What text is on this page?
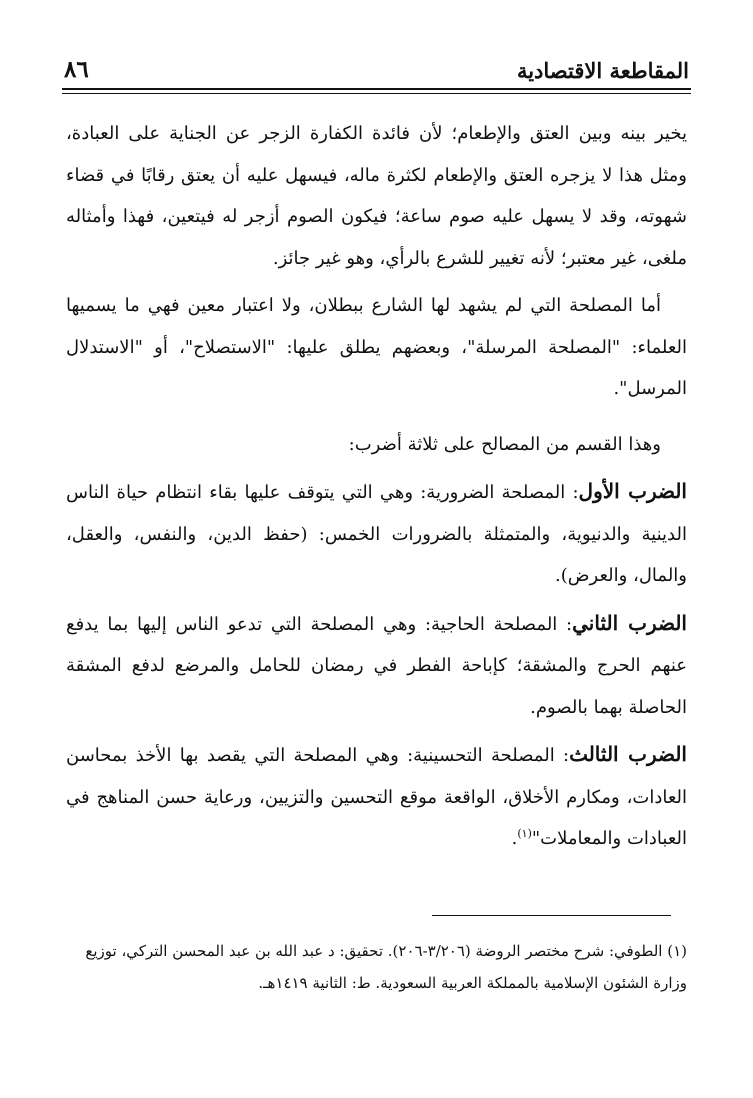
المقاطعة الاقتصادية
٨٦

يخير بينه وبين العتق والإطعام؛ لأن فائدة الكفارة الزجر عن الجناية على العبادة، ومثل هذا لا يزجره العتق والإطعام لكثرة ماله، فيسهل عليه أن يعتق رقابًا في قضاء شهوته، وقد لا يسهل عليه صوم ساعة؛ فيكون الصوم أزجر له فيتعين، فهذا وأمثاله ملغى، غير معتبر؛ لأنه تغيير للشرع بالرأي، وهو غير جائز.

أما المصلحة التي لم يشهد لها الشارع ببطلان، ولا اعتبار معين فهي ما يسميها العلماء: "المصلحة المرسلة"، وبعضهم يطلق عليها: "الاستصلاح"، أو "الاستدلال المرسل".

وهذا القسم من المصالح على ثلاثة أضرب:

الضرب الأول: المصلحة الضرورية: وهي التي يتوقف عليها بقاء انتظام حياة الناس الدينية والدنيوية، والمتمثلة بالضرورات الخمس: (حفظ الدين، والنفس، والعقل، والمال، والعرض).

الضرب الثاني: المصلحة الحاجية: وهي المصلحة التي تدعو الناس إليها بما يدفع عنهم الحرج والمشقة؛ كإباحة الفطر في رمضان للحامل والمرضع لدفع المشقة الحاصلة بهما بالصوم.

الضرب الثالث: المصلحة التحسينية: وهي المصلحة التي يقصد بها الأخذ بمحاسن العادات، ومكارم الأخلاق، الواقعة موقع التحسين والتزيين، ورعاية حسن المناهج في العبادات والمعاملات"$^{(١)}$.

(١) الطوفي: شرح مختصر الروضة (٣/٢٠٦-٢٠٦). تحقيق: د عبد الله بن عبد المحسن التركي، توزيع

وزارة الشئون الإسلامية بالمملكة العربية السعودية. ط: الثانية ١٤١٩هـ.
